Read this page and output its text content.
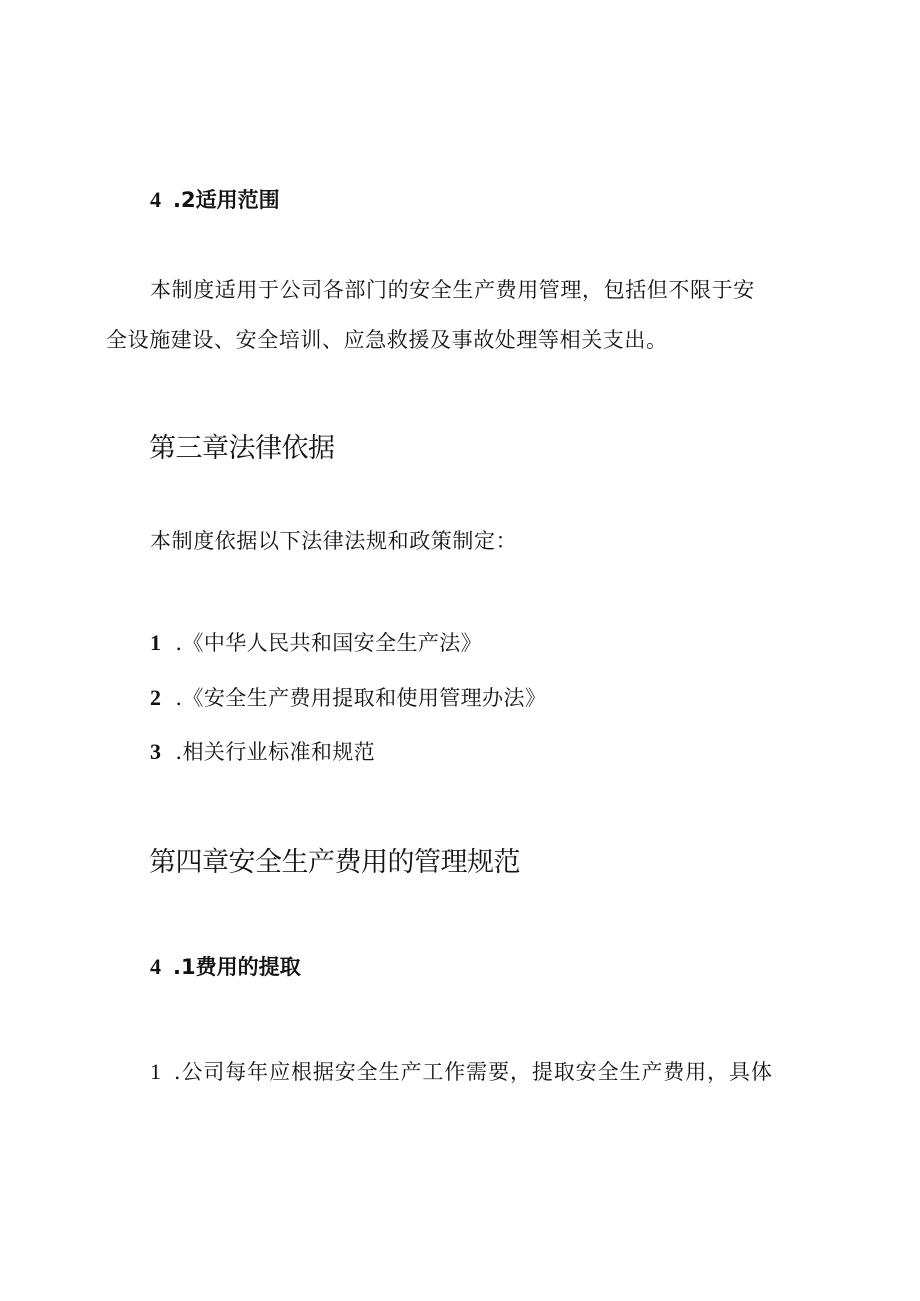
4 .2适用范围
本制度适用于公司各部门的安全生产费用管理，包括但不限于安
全设施建设、安全培训、应急救援及事故处理等相关支出。
第三章法律依据
本制度依据以下法律法规和政策制定：
1 .《中华人民共和国安全生产法》
2 .《安全生产费用提取和使用管理办法》
3 .相关行业标准和规范
第四章安全生产费用的管理规范
4 .1费用的提取
1 .公司每年应根据安全生产工作需要，提取安全生产费用，具体
